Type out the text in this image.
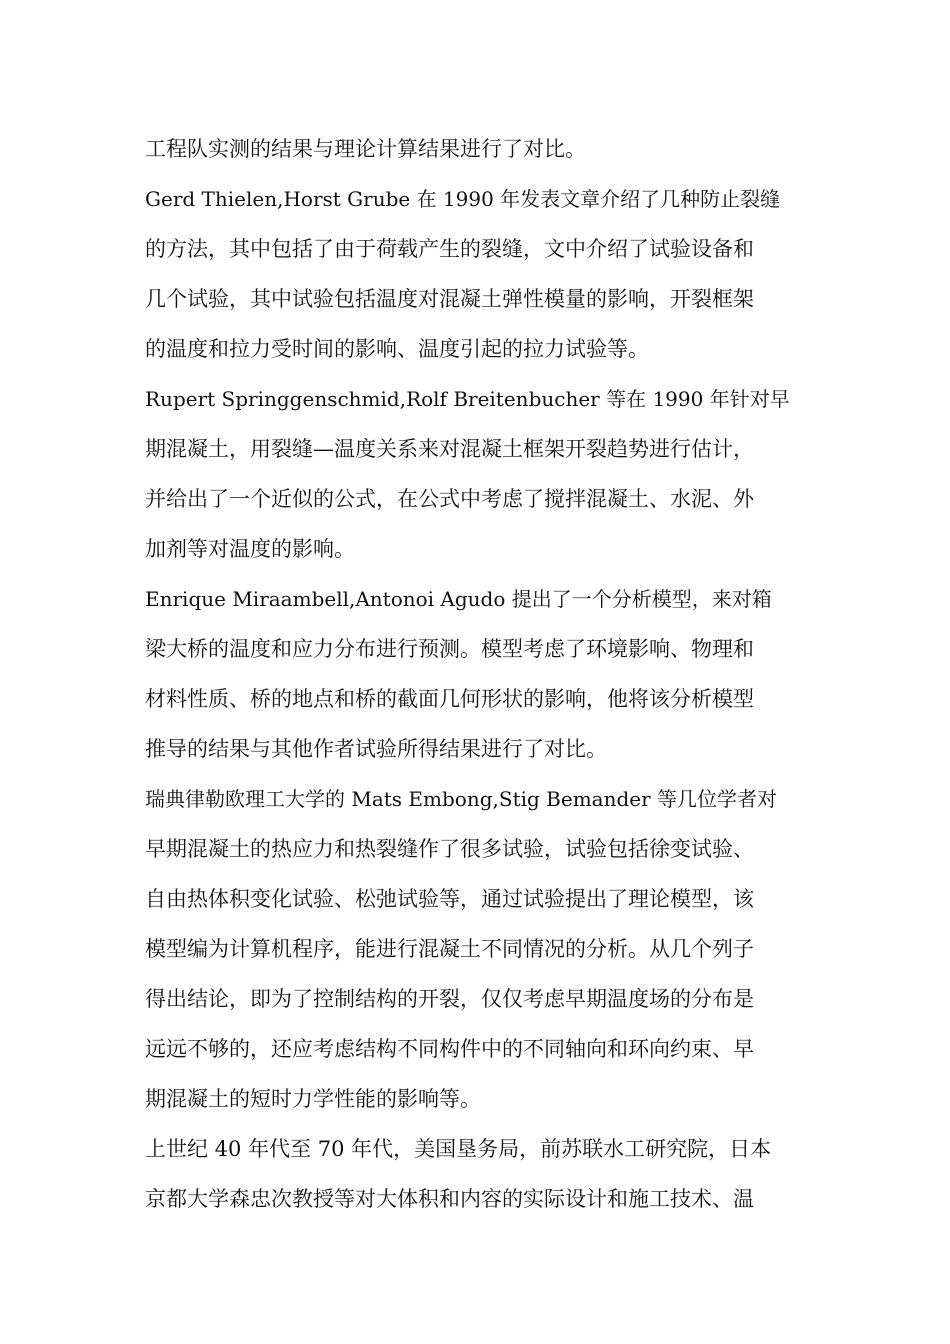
工程队实测的结果与理论计算结果进行了对比。
Gerd Thielen,Horst Grube 在 1990 年发表文章介绍了几种防止裂缝
的方法，其中包括了由于荷载产生的裂缝，文中介绍了试验设备和
几个试验，其中试验包括温度对混凝土弹性模量的影响，开裂框架
的温度和拉力受时间的影响、温度引起的拉力试验等。
Rupert Springgenschmid,Rolf Breitenbucher 等在 1990 年针对早
期混凝土，用裂缝—温度关系来对混凝土框架开裂趋势进行估计，
并给出了一个近似的公式，在公式中考虑了搅拌混凝土、水泥、外
加剂等对温度的影响。
Enrique Miraambell,Antonoi Agudo 提出了一个分析模型，来对箱
梁大桥的温度和应力分布进行预测。模型考虑了环境影响、物理和
材料性质、桥的地点和桥的截面几何形状的影响，他将该分析模型
推导的结果与其他作者试验所得结果进行了对比。
瑞典律勒欧理工大学的 Mats Embong,Stig Bemander 等几位学者对
早期混凝土的热应力和热裂缝作了很多试验，试验包括徐变试验、
自由热体积变化试验、松弛试验等，通过试验提出了理论模型，该
模型编为计算机程序，能进行混凝土不同情况的分析。从几个列子
得出结论，即为了控制结构的开裂，仅仅考虑早期温度场的分布是
远远不够的，还应考虑结构不同构件中的不同轴向和环向约束、早
期混凝土的短时力学性能的影响等。
上世纪 40 年代至 70 年代，美国垦务局，前苏联水工研究院，日本
京都大学森忠次教授等对大体积和内容的实际设计和施工技术、温
